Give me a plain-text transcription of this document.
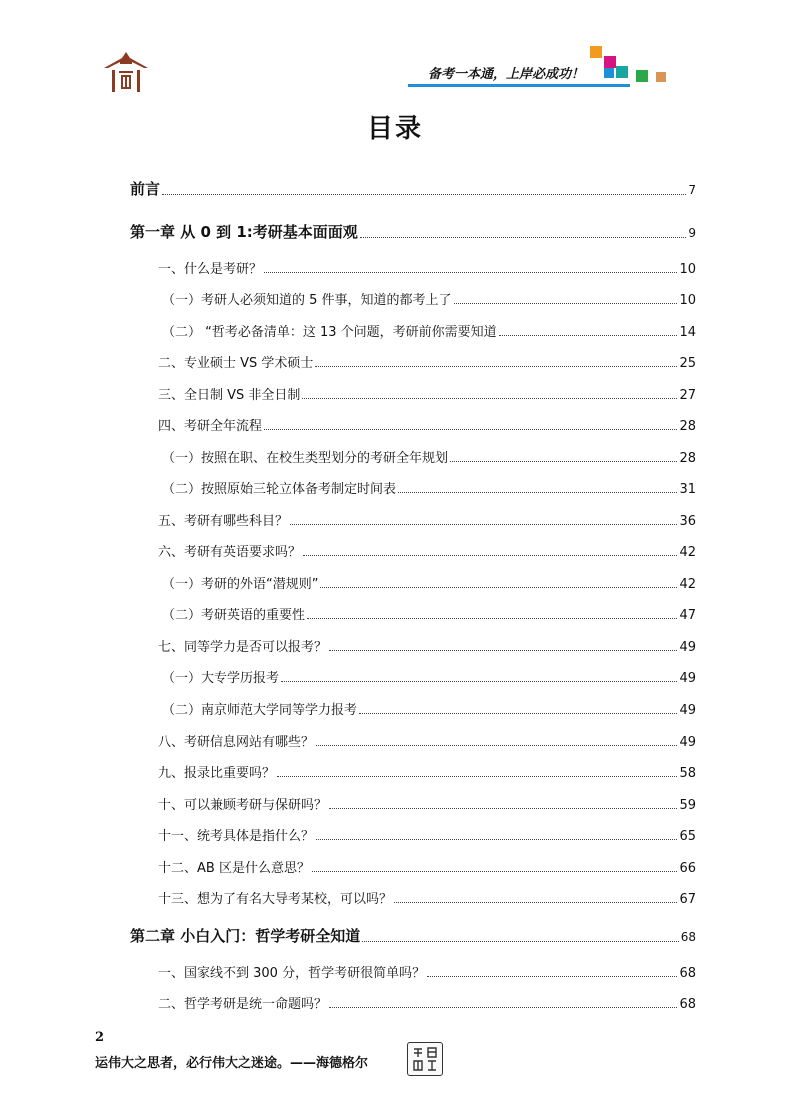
备考一本通，上岸必成功！
目录
前言	7
第一章 从 0 到 1:考研基本面面观	9
一、什么是考研？	10
（一）考研人必须知道的 5 件事，知道的都考上了	10
（二） “哲考必备清单：这 13 个问题，考研前你需要知道	14
二、专业硕士 VS 学术硕士	25
三、全日制 VS 非全日制	27
四、考研全年流程	28
（一）按照在职、在校生类型划分的考研全年规划	28
（二）按照原始三轮立体备考制定时间表	31
五、考研有哪些科目？	36
六、考研有英语要求吗？	42
（一）考研的外语“潜规则”	42
（二）考研英语的重要性	47
七、同等学力是否可以报考？	49
（一）大专学历报考	49
（二）南京师范大学同等学力报考	49
八、考研信息网站有哪些？	49
九、报录比重要吗？	58
十、可以兼顾考研与保研吗？	59
十一、统考具体是指什么？	65
十二、AB 区是什么意思？	66
十三、想为了有名大导考某校，可以吗？	67
第二章 小白入门：哲学考研全知道	68
一、国家线不到 300 分，哲学考研很简单吗？	68
二、哲学考研是统一命题吗？	68
2
运伟大之思者，必行伟大之迷途。——海德格尔
